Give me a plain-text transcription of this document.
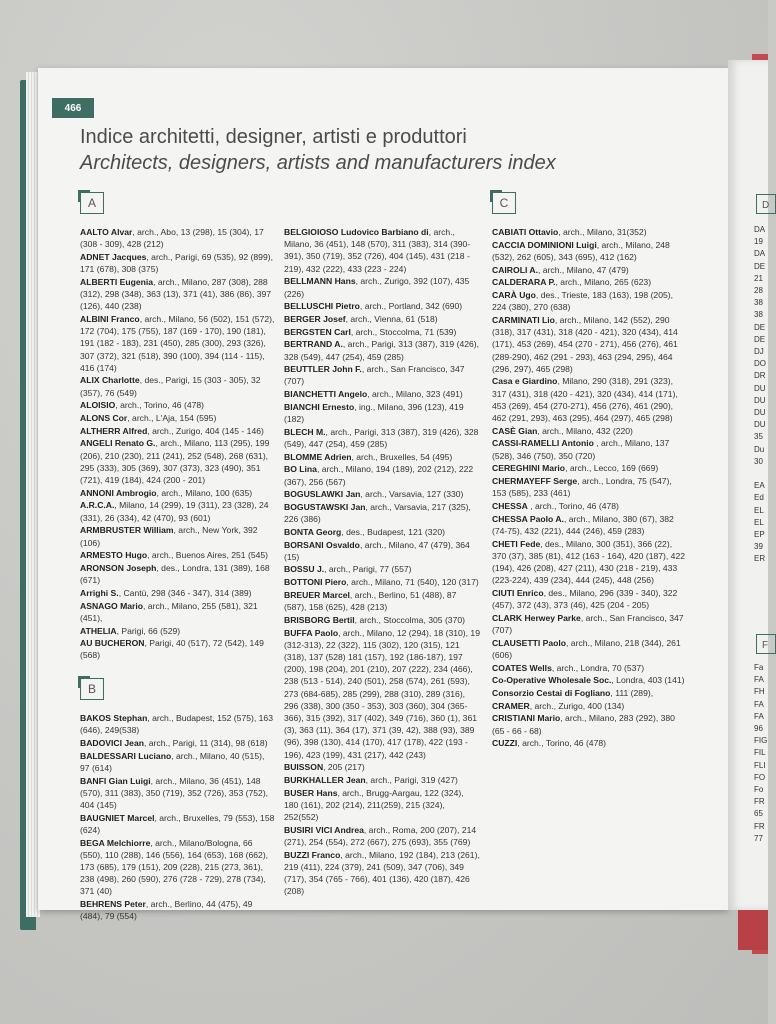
466
Indice architetti, designer, artisti e produttori
Architects, designers, artists and manufacturers index
A
AALTO Alvar, arch., Abo, 13 (298), 15 (304), 17 (308 - 309), 428 (212)
ADNET Jacques, arch., Parigi, 69 (535), 92 (899), 171 (678), 308 (375)
ALBERTI Eugenia, arch., Milano, 287 (308), 288 (312), 298 (348), 363 (13), 371 (41), 386 (86), 397 (126), 440 (238)
ALBINI Franco, arch., Milano, 56 (502), 151 (572), 172 (704), 175 (755), 187 (169 - 170), 190 (181), 191 (182 - 183), 231 (450), 285 (300), 293 (326), 307 (372), 321 (518), 390 (100), 394 (114 - 115), 416 (174)
ALIX Charlotte, des., Parigi, 15 (303 - 305), 32 (357), 76 (549)
ALOISIO, arch., Torino, 46 (478)
ALONS Cor, arch., L'Aja, 154 (595)
ALTHERR Alfred, arch., Zurigo, 404 (145 - 146)
ANGELI Renato G., arch., Milano, 113 (295), 199 (206), 210 (230), 211 (241), 252 (548), 268 (631), 295 (333), 305 (369), 307 (373), 323 (490), 351 (721), 419 (184), 424 (200 - 201)
ANNONI Ambrogio, arch., Milano, 100 (635)
A.R.C.A., Milano, 14 (299), 19 (311), 23 (328), 24 (331), 26 (334), 42 (470), 93 (601)
ARMBRUSTER William, arch., New York, 392 (106)
ARMESTO Hugo, arch., Buenos Aires, 251 (545)
ARONSON Joseph, des., Londra, 131 (389), 168 (671)
Arrighi S., Cantù, 298 (346 - 347), 314 (389)
ASNAGO Mario, arch., Milano, 255 (581), 321 (451),
ATHELIA, Parigi, 66 (529)
AU BUCHERON, Parigi, 40 (517), 72 (542), 149 (568)
B
BAKOS Stephan, arch., Budapest, 152 (575), 163 (646), 249(538)
BADOVICI Jean, arch., Parigi, 11 (314), 98 (618)
BALDESSARI Luciano, arch., Milano, 40 (515), 97 (614)
BANFI Gian Luigi, arch., Milano, 36 (451), 148 (570), 311 (383), 350 (719), 352 (726), 353 (752), 404 (145)
BAUGNIET Marcel, arch., Bruxelles, 79 (553), 158 (624)
BEGA Melchiorre, arch., Milano/Bologna, 66 (550), 110 (288), 146 (556), 164 (653), 168 (662), 173 (685), 179 (151), 209 (228), 215 (273, 361), 238 (498), 260 (590), 276 (728 - 729), 278 (734), 371 (40)
BEHRENS Peter, arch., Berlino, 44 (475), 49 (484), 79 (554)
BELGIOIOSO Ludovico Barbiano di, arch., Milano, 36 (451), 148 (570), 311 (383), 314 (390-391), 350 (719), 352 (726), 404 (145), 431 (218 - 219), 432 (222), 433 (223 - 224)
BELLMANN Hans, arch., Zurigo, 392 (107), 435 (226)
BELLUSCHI Pietro, arch., Portland, 342 (690)
BERGER Josef, arch., Vienna, 61 (518)
BERGSTEN Carl, arch., Stoccolma, 71 (539)
BERTRAND A., arch., Parigi, 313 (387), 319 (426), 328 (549), 447 (254), 459 (285)
BEUTTLER John F., arch., San Francisco, 347 (707)
BIANCHETTI Angelo, arch., Milano, 323 (491)
BIANCHI Ernesto, ing., Milano, 396 (123), 419 (182)
BLECH M., arch., Parigi, 313 (387), 319 (426), 328 (549), 447 (254), 459 (285)
BLOMME Adrien, arch., Bruxelles, 54 (495)
BO Lina, arch., Milano, 194 (189), 202 (212), 222 (367), 256 (567)
BOGUSLAWKI Jan, arch., Varsavia, 127 (330)
BOGUSTAWSKI Jan, arch., Varsavia, 217 (325), 226 (386)
BONTA Georg, des., Budapest, 121 (320)
BORSANI Osvaldo, arch., Milano, 47 (479), 364 (15)
BOSSU J., arch., Parigi, 77 (557)
BOTTONI Piero, arch., Milano, 71 (540), 120 (317)
BREUER Marcel, arch., Berlino, 51 (488), 87 (587), 158 (625), 428 (213)
BRISBORG Bertil, arch., Stoccolma, 305 (370)
BUFFA Paolo, arch., Milano, 12 (294), 18 (310), 19 (312-313), 22 (322), 115 (302), 120 (315), 121 (318), 137 (528) 181 (157), 192 (186-187), 197 (200), 198 (204), 201 (210), 207 (222), 234 (466), 238 (513 - 514), 240 (501), 258 (574), 261 (593), 273 (684-685), 285 (299), 288 (310), 289 (316), 296 (338), 300 (350 - 353), 303 (360), 304 (365-366), 315 (392), 317 (402), 349 (716), 360 (1), 361 (3), 363 (11), 364 (17), 371 (39, 42), 388 (93), 389 (96), 398 (130), 414 (170), 417 (178), 422 (193 - 196), 423 (199), 431 (217), 442 (243)
BUISSON, 205 (217)
BURKHALLER Jean, arch., Parigi, 319 (427)
BUSER Hans, arch., Brugg-Aargau, 122 (324), 180 (161), 202 (214), 211(259), 215 (324), 252(552)
BUSIRI VICI Andrea, arch., Roma, 200 (207), 214 (271), 254 (554), 272 (667), 275 (693), 355 (769)
BUZZI Franco, arch., Milano, 192 (184), 213 (261), 219 (411), 224 (379), 241 (509), 347 (706), 349 (717), 354 (765 - 766), 401 (136), 420 (187), 426 (208)
C
CABIATI Ottavio, arch., Milano, 31(352)
CACCIA DOMINIONI Luigi, arch., Milano, 248 (532), 262 (605), 343 (695), 412 (162)
CAIROLI A., arch., Milano, 47 (479)
CALDERARA P., arch., Milano, 265 (623)
CARÀ Ugo, des., Trieste, 183 (163), 198 (205), 224 (380), 270 (638)
CARMINATI Lio, arch., Milano, 142 (552), 290 (318), 317 (431), 318 (420 - 421), 320 (434), 414 (171), 453 (269), 454 (270 - 271), 456 (276), 461 (289-290), 462 (291 - 293), 463 (294, 295), 464 (296, 297), 465 (298)
Casa e Giardino, Milano, 290 (318), 291 (323), 317 (431), 318 (420 - 421), 320 (434), 414 (171), 453 (269), 454 (270-271), 456 (276), 461 (290), 462 (291, 293), 463 (295), 464 (297), 465 (298)
CASÈ Gian, arch., Milano, 432 (220)
CASSI-RAMELLI Antonio , arch., Milano, 137 (528), 346 (750), 350 (720)
CEREGHINI Mario, arch., Lecco, 169 (669)
CHERMAYEFF Serge, arch., Londra, 75 (547), 153 (585), 233 (461)
CHESSA , arch., Torino, 46 (478)
CHESSA Paolo A., arch., Milano, 380 (67), 382 (74-75), 432 (221), 444 (246), 459 (283)
CHETI Fede, des., Milano, 300 (351), 366 (22), 370 (37), 385 (81), 412 (163 - 164), 420 (187), 422 (194), 426 (208), 427 (211), 430 (218 - 219), 433 (223-224), 439 (234), 444 (245), 448 (256)
CIUTI Enrico, des., Milano, 296 (339 - 340), 322 (457), 372 (43), 373 (46), 425 (204 - 205)
CLARK Herwey Parke, arch., San Francisco, 347 (707)
CLAUSETTI Paolo, arch., Milano, 218 (344), 261 (606)
COATES Wells, arch., Londra, 70 (537)
Co-Operative Wholesale Soc., Londra, 403 (141)
Consorzio Cestai di Fogliano, 111 (289),
CRAMER, arch., Zurigo, 400 (134)
CRISTIANI Mario, arch., Milano, 283 (292), 380 (65 - 66 - 68)
CUZZI, arch., Torino, 46 (478)
D
DA
19
DA
DE
21
28
38
38
DE
DE
DJ
DO
DR
DU
DU
DU
DU
35
Du
30
EA
Ed
EL
EL
EP
39
ER
F
Fa
FA
FH
FA
FA
96
FIG
FIL
FLI
FO
Fo
FR
65
FR
77
